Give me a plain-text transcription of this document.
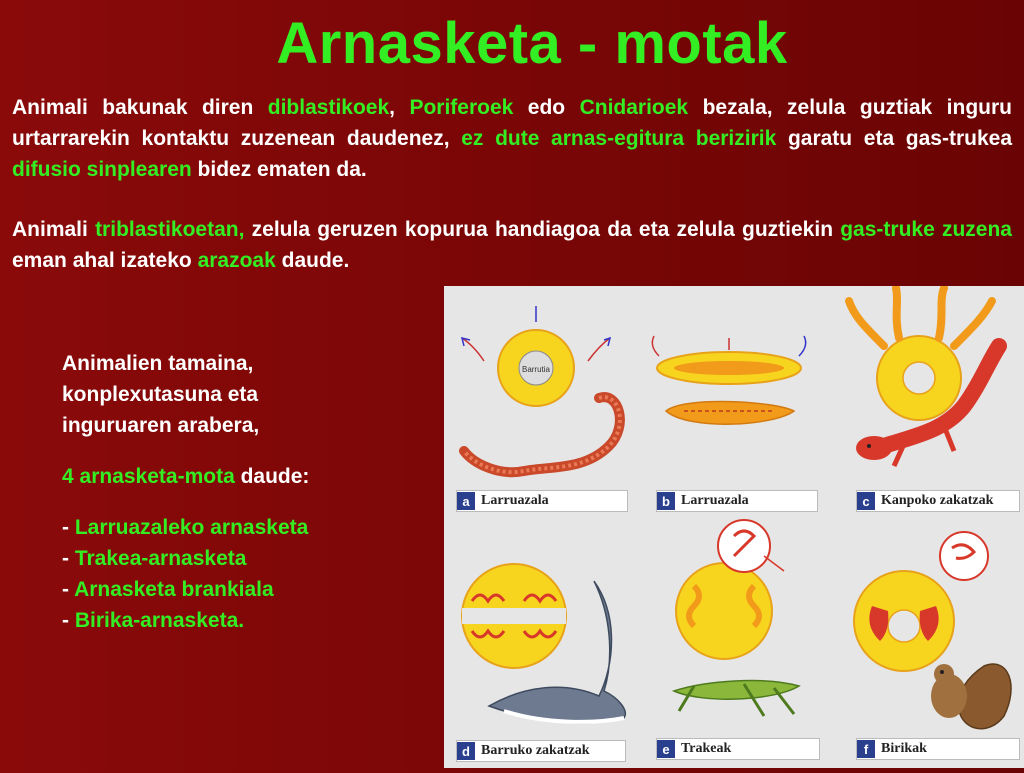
Arnasketa - motak
Animali bakunak diren diblastikoek, Poriferoek edo Cnidarioek bezala, zelula guztiak inguru urtarrarekin kontaktu zuzenean daudenez, ez dute arnas-egitura berizirik garatu eta gas-trukea difusio sinplearen bidez ematen da.
Animali triblastikoetan, zelula geruzen kopurua handiagoa da eta zelula guztiekin gas-truke zuzena eman ahal izateko arazoak daude.
Animalien tamaina,
konplexutasuna eta
inguruaren arabera,
4 arnasketa-mota daude:
- Larruazaleko arnasketa
- Trakea-arnasketa
- Arnasketa brankiala
- Birika-arnasketa.
Barrutia
a Larruazala	b Larruazala	c Kanpoko zakatzak
d Barruko zakatzak	e Trakeak	f Birikak
